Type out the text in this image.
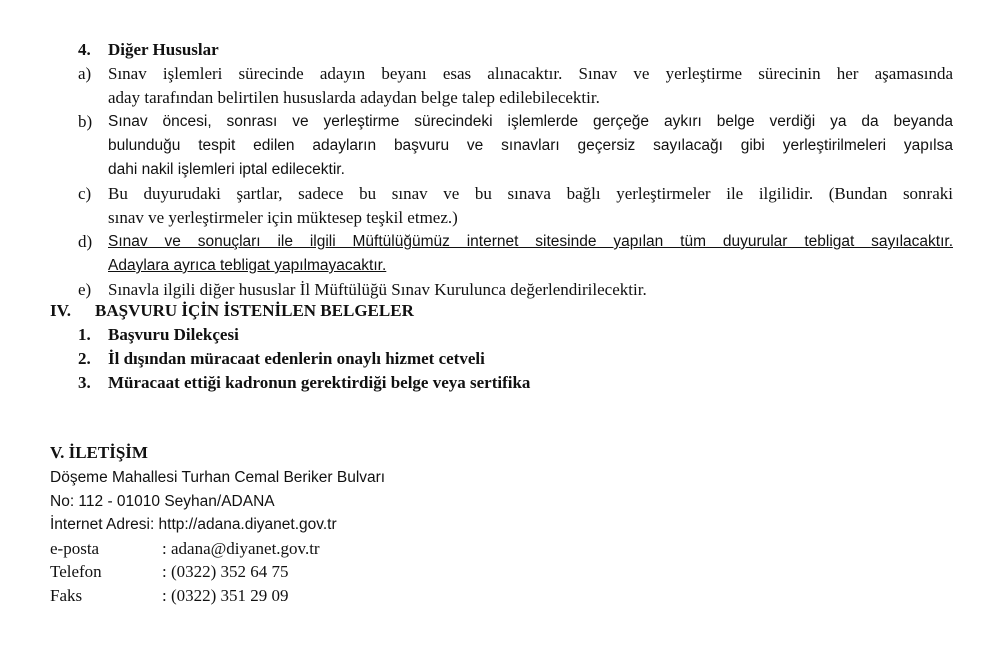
4. Diğer Hususlar
a) Sınav işlemleri sürecinde adayın beyanı esas alınacaktır. Sınav ve yerleştirme sürecinin her aşamasında
aday tarafından belirtilen hususlarda adaydan belge talep edilebilecektir.
b)	Sınav öncesi, sonrası ve yerleştirme sürecindeki işlemlerde gerçeğe aykırı belge verdiği ya da beyanda
bulunduğu tespit edilen adayların başvuru ve sınavları geçersiz sayılacağı gibi yerleştirilmeleri yapılsa
dahi nakil işlemleri iptal edilecektir.
c) Bu duyurudaki şartlar, sadece bu sınav ve bu sınava bağlı yerleştirmeler ile ilgilidir. (Bundan sonraki
sınav ve yerleştirmeler için müktesep teşkil etmez.)
d)	Sınav ve sonuçları ile ilgili Müftülüğümüz internet sitesinde yapılan tüm duyurular tebligat sayılacaktır.
Adaylara ayrıca tebligat yapılmayacaktır.
e) Sınavla ilgili diğer hususlar İl Müftülüğü Sınav Kurulunca değerlendirilecektir.
IV. BAŞVURU İÇİN İSTENİLEN BELGELER
1. Başvuru Dilekçesi
2. İl dışından müracaat edenlerin onaylı hizmet cetveli
3. Müracaat ettiği kadronun gerektirdiği belge veya sertifika
V. İLETİŞİM
Döşeme Mahallesi Turhan Cemal Beriker Bulvarı
No: 112 - 01010 Seyhan/ADANA
İnternet Adresi: http://adana.diyanet.gov.tr
e-posta	: adana@diyanet.gov.tr
Telefon	: (0322) 352 64 75
Faks	: (0322) 351 29 09
